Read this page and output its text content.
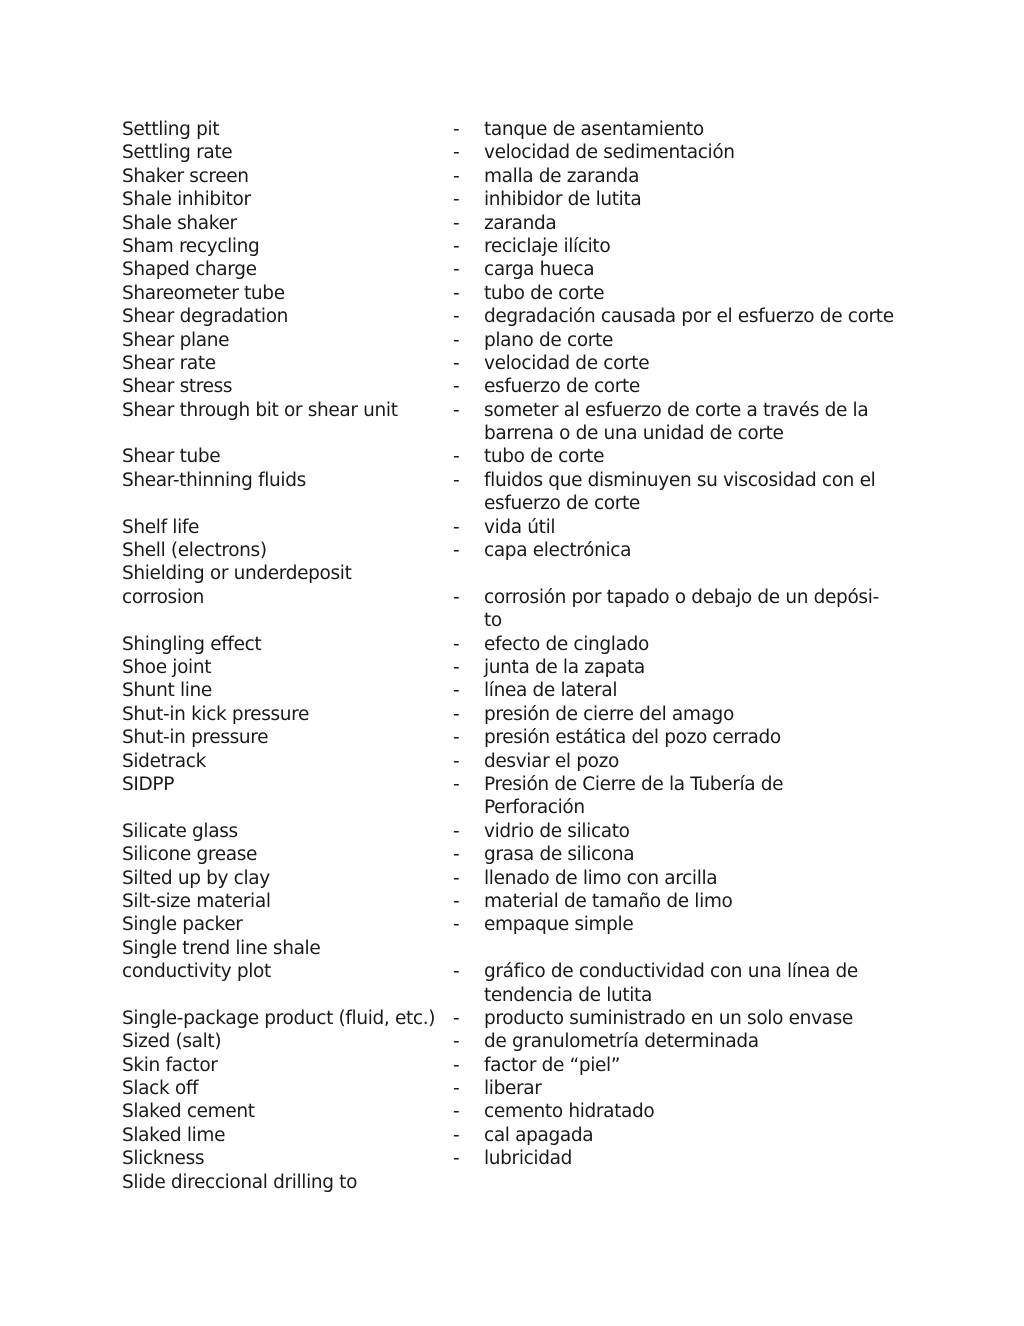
Settling pit	- tanque de asentamiento
Settling rate	- velocidad de sedimentación
Shaker screen	- malla de zaranda
Shale inhibitor	- inhibidor de lutita
Shale shaker	- zaranda
Sham recycling	- reciclaje ilícito
Shaped charge	- carga hueca
Shareometer tube	- tubo de corte
Shear degradation	- degradación causada por el esfuerzo de corte
Shear plane	- plano de corte
Shear rate	- velocidad de corte
Shear stress	- esfuerzo de corte
Shear through bit or shear unit	- someter al esfuerzo de corte a través de la
barrena o de una unidad de corte
Shear tube	- tubo de corte
Shear-thinning fluids	- fluidos que disminuyen su viscosidad con el
esfuerzo de corte
Shelf life	- vida útil
Shell (electrons)	- capa electrónica
Shielding or underdeposit
corrosion	- corrosión por tapado o debajo de un depósi-
to
Shingling effect	- efecto de cinglado
Shoe joint	- junta de la zapata
Shunt line	- línea de lateral
Shut-in kick pressure	- presión de cierre del amago
Shut-in pressure	- presión estática del pozo cerrado
Sidetrack	- desviar el pozo
SIDPP	- Presión de Cierre de la Tubería de
Perforación
Silicate glass	- vidrio de silicato
Silicone grease	- grasa de silicona
Silted up by clay	- llenado de limo con arcilla
Silt-size material	- material de tamaño de limo
Single packer	- empaque simple
Single trend line shale
conductivity plot	- gráfico de conductividad con una línea de
tendencia de lutita
Single-package product (fluid, etc.) - producto suministrado en un solo envase
Sized (salt)	- de granulometría determinada
Skin factor	- factor de “piel”
Slack off	- liberar
Slaked cement	- cemento hidratado
Slaked lime	- cal apagada
Slickness	- lubricidad
Slide direccional drilling to
